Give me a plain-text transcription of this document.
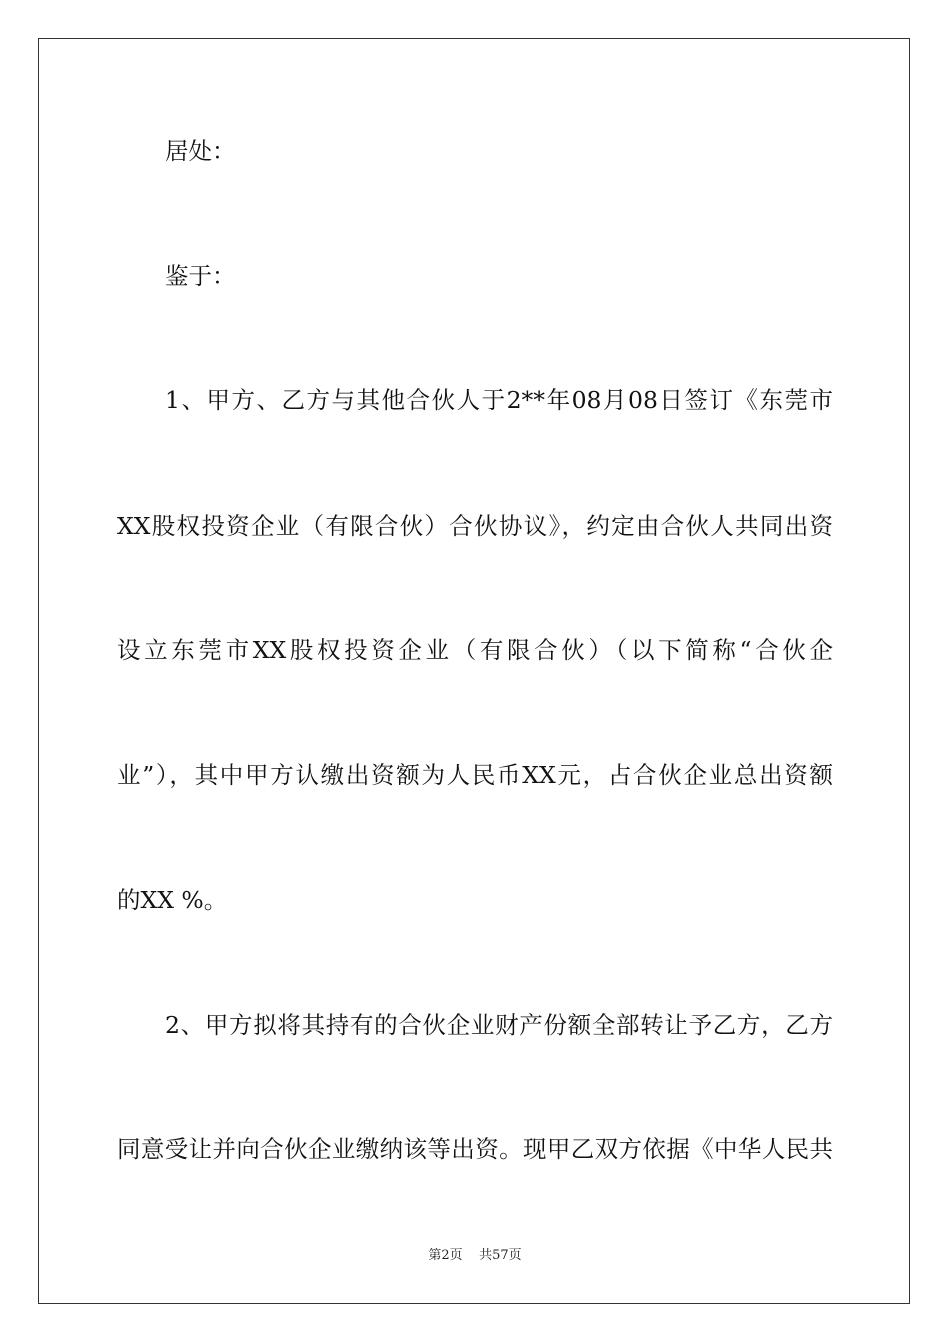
居处：
鉴于：
1、甲方、乙方与其他合伙人于2**年08月08日签订《东莞市
XX股权投资企业（有限合伙）合伙协议》，约定由合伙人共同出资
设立东莞市XX股权投资企业（有限合伙）（以下简称“合伙企
业”），其中甲方认缴出资额为人民币XX元，占合伙企业总出资额
的XX %。
2、甲方拟将其持有的合伙企业财产份额全部转让予乙方，乙方
同意受让并向合伙企业缴纳该等出资。现甲乙双方依据《中华人民共
第2页    共57页
